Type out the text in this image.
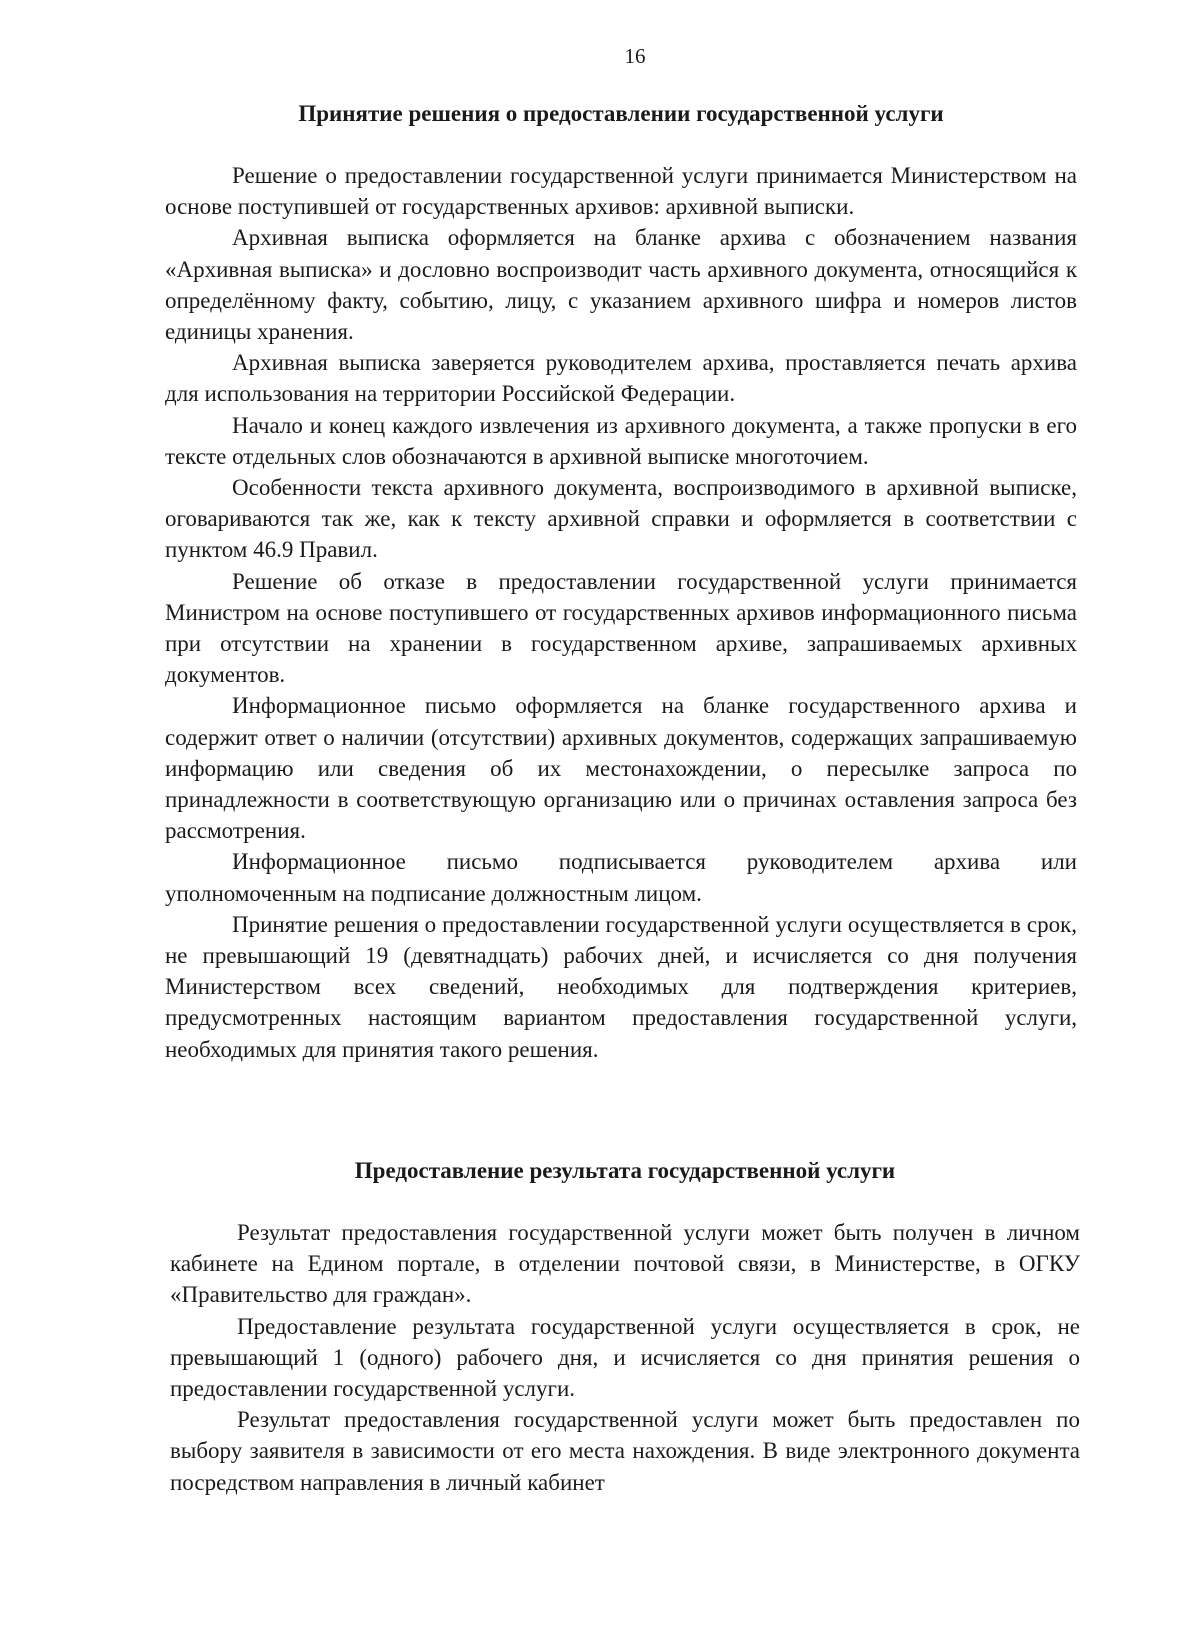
16

Принятие решения о предоставлении государственной услуги

Решение о предоставлении государственной услуги принимается Министерством на основе поступившей от государственных архивов: архивной выписки.

Архивная выписка оформляется на бланке архива с обозначением названия «Архивная выписка» и дословно воспроизводит часть архивного документа, относящийся к определённому факту, событию, лицу, с указанием архивного шифра и номеров листов единицы хранения.

Архивная выписка заверяется руководителем архива, проставляется печать архива для использования на территории Российской Федерации.

Начало и конец каждого извлечения из архивного документа, а также пропуски в его тексте отдельных слов обозначаются в архивной выписке многоточием.

Особенности текста архивного документа, воспроизводимого в архивной выписке, оговариваются так же, как к тексту архивной справки и оформляется в соответствии с пунктом 46.9 Правил.

Решение об отказе в предоставлении государственной услуги принимается Министром на основе поступившего от государственных архивов информационного письма при отсутствии на хранении в государственном архиве, запрашиваемых архивных документов.

Информационное письмо оформляется на бланке государственного архива и содержит ответ о наличии (отсутствии) архивных документов, содержащих запрашиваемую информацию или сведения об их местонахождении, о пересылке запроса по принадлежности в соответствующую организацию или о причинах оставления запроса без рассмотрения.

Информационное письмо подписывается руководителем архива или уполномоченным на подписание должностным лицом.

Принятие решения о предоставлении государственной услуги осуществляется в срок, не превышающий 19 (девятнадцать) рабочих дней, и исчисляется со дня получения Министерством всех сведений, необходимых для подтверждения критериев, предусмотренных настоящим вариантом предоставления государственной услуги, необходимых для принятия такого решения.

Предоставление результата государственной услуги

Результат предоставления государственной услуги может быть получен в личном кабинете на Едином портале, в отделении почтовой связи, в Министерстве, в ОГКУ «Правительство для граждан».

Предоставление результата государственной услуги осуществляется в срок, не превышающий 1 (одного) рабочего дня, и исчисляется со дня принятия решения о предоставлении государственной услуги.

Результат предоставления государственной услуги может быть предоставлен по выбору заявителя в зависимости от его места нахождения. В виде электронного документа посредством направления в личный кабинет
